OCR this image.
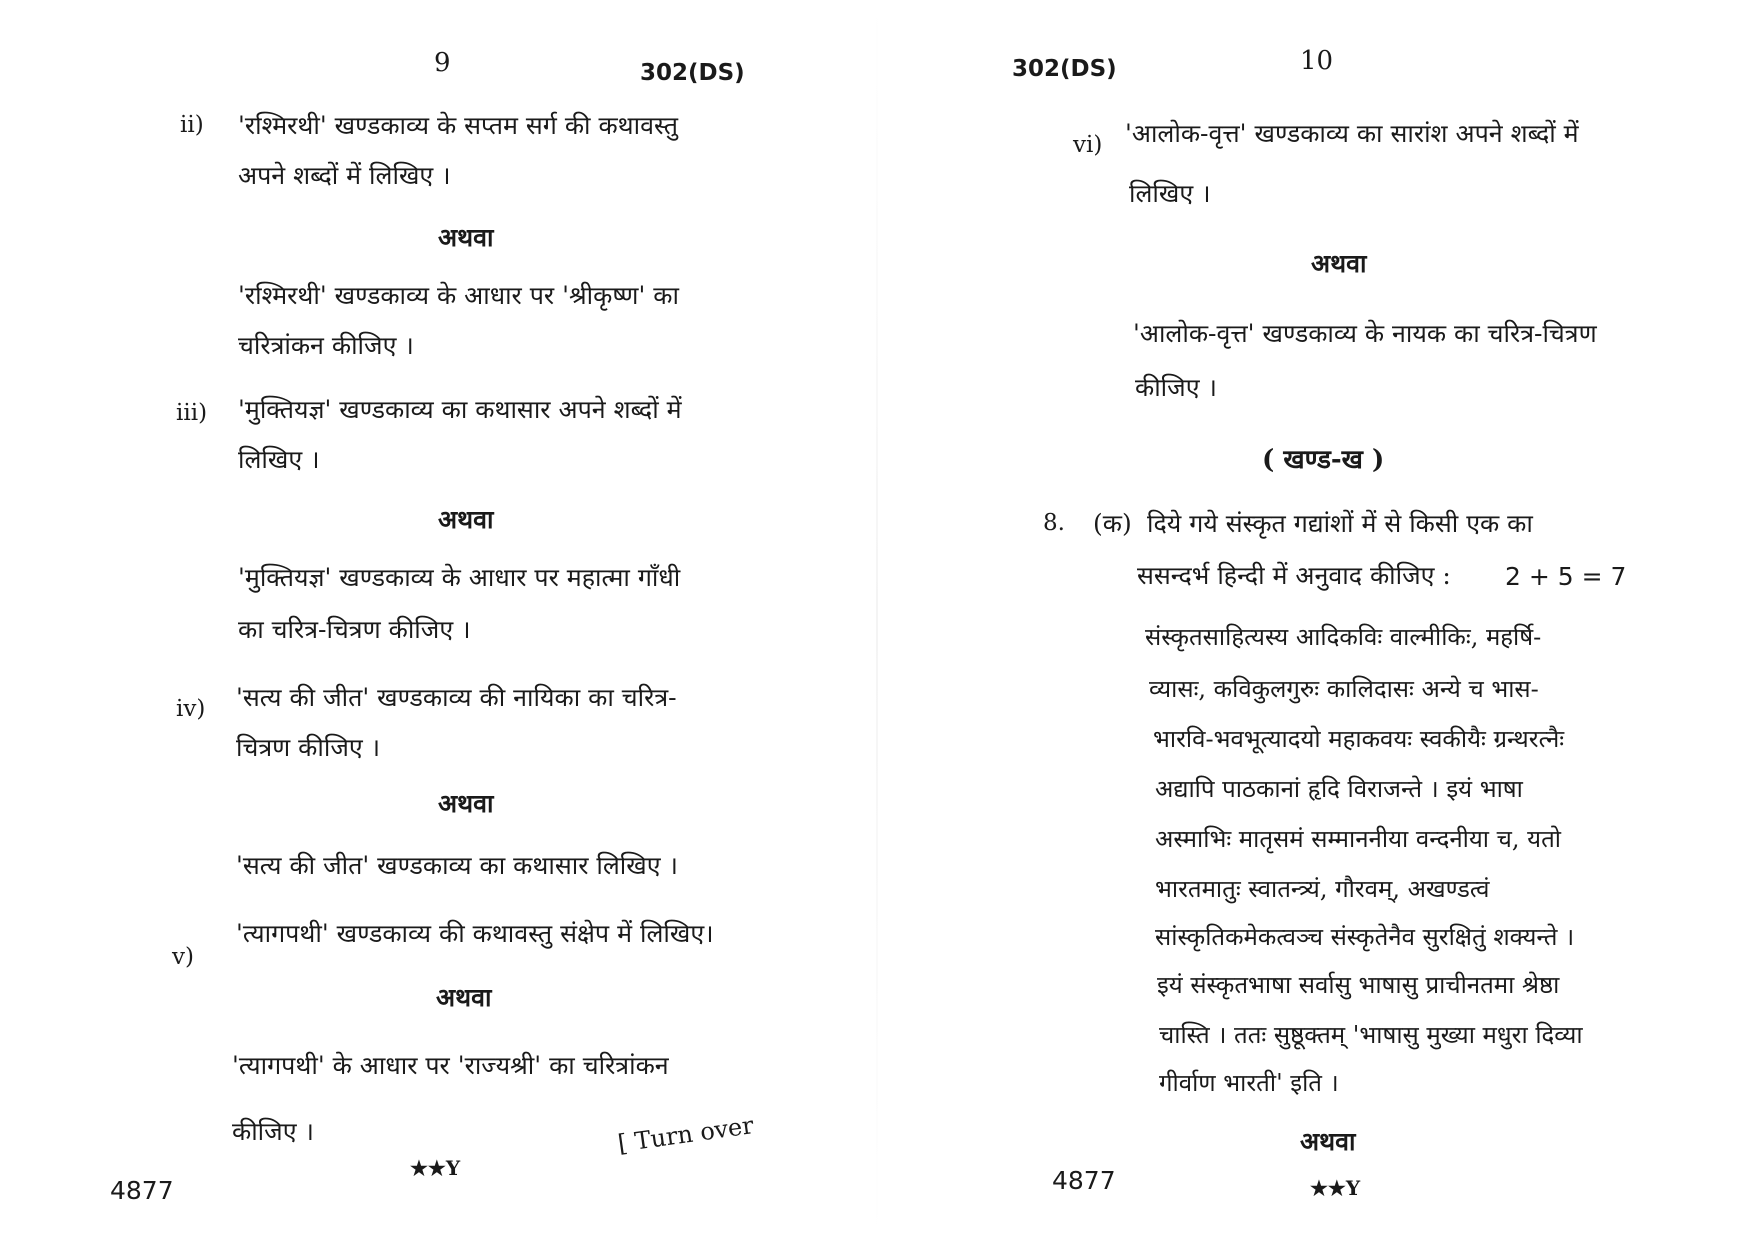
9	302(DS)
ii) 'रश्मिरथी' खण्डकाव्य के सप्तम सर्ग की कथावस्तु
अपने शब्दों में लिखिए ।
अथवा
'रश्मिरथी' खण्डकाव्य के आधार पर 'श्रीकृष्ण' का
चरित्रांकन कीजिए ।
iii) 'मुक्तियज्ञ' खण्डकाव्य का कथासार अपने शब्दों में
लिखिए ।
अथवा
'मुक्तियज्ञ' खण्डकाव्य के आधार पर महात्मा गाँधी
का चरित्र-चित्रण कीजिए ।
iv) 'सत्य की जीत' खण्डकाव्य की नायिका का चरित्र-
चित्रण कीजिए ।
अथवा
'सत्य की जीत' खण्डकाव्य का कथासार लिखिए ।
v)
'त्यागपथी' खण्डकाव्य की कथावस्तु संक्षेप में लिखिए।
अथवा
'त्यागपथी' के आधार पर 'राज्यश्री' का चरित्रांकन
कीजिए ।	[ Turn over
4877
★★Y
302(DS)	10
vi) 'आलोक-वृत्त' खण्डकाव्य का सारांश अपने शब्दों में
लिखिए ।
अथवा
'आलोक-वृत्त' खण्डकाव्य के नायक का चरित्र-चित्रण
कीजिए ।
( खण्ड-ख )
8. (क) दिये गये संस्कृत गद्यांशों में से किसी एक का
ससन्दर्भ हिन्दी में अनुवाद कीजिए : 2 + 5 = 7
संस्कृतसाहित्यस्य आदिकविः वाल्मीकिः, महर्षि-
व्यासः, कविकुलगुरुः कालिदासः अन्ये च भास-
भारवि-भवभूत्यादयो महाकवयः स्वकीयैः ग्रन्थरत्नैः
अद्यापि पाठकानां हृदि विराजन्ते । इयं भाषा
अस्माभिः मातृसमं सम्माननीया वन्दनीया च, यतो
भारतमातुः स्वातन्त्र्यं, गौरवम्, अखण्डत्वं
सांस्कृतिकमेकत्वञ्च संस्कृतेनैव सुरक्षितुं शक्यन्ते ।
इयं संस्कृतभाषा सर्वासु भाषासु प्राचीनतमा श्रेष्ठा
चास्ति । ततः सुष्ठूक्तम् 'भाषासु मुख्या मधुरा दिव्या
गीर्वाण भारती' इति ।
अथवा
4877	★★Y
